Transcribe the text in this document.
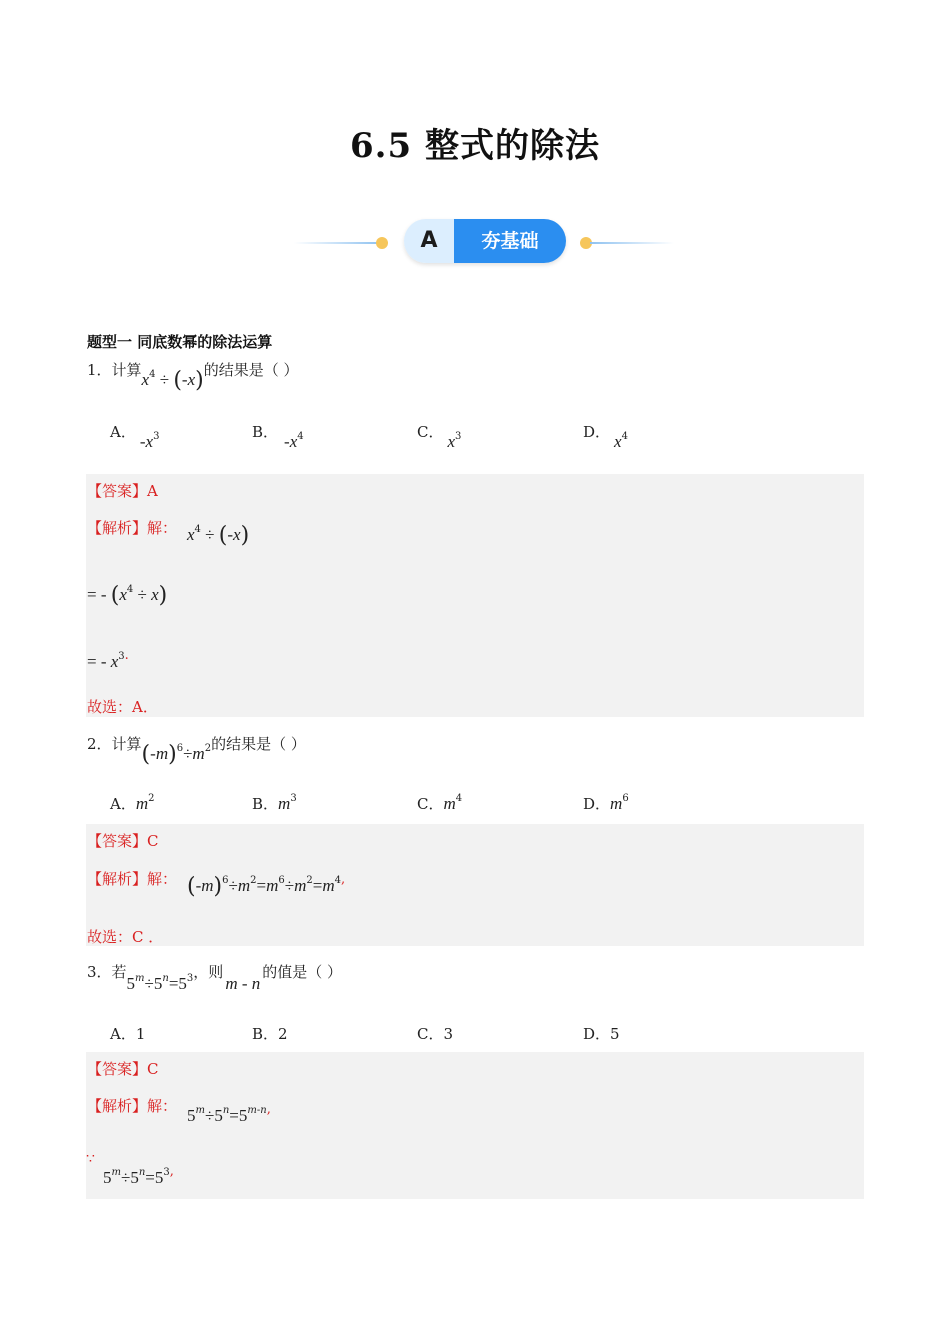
6.5 整式的除法
A	夯基础
题型一 同底数幂的除法运算
1．计算$x^4 \div (-x)$的结果是（ ）
A． $-x^3$	B． $-x^4$	C． $x^3$	D． $x^4$
【答案】A
【解析】解： $x^4 \div (-x)$
= - $(x^4 \div x)$
= - $x^{3.}$
故选：A．
2．计算$(-m)^6\div m^2$的结果是（ ）
A．$m^2$	B．$m^3$	C．$m^4$	D．$m^6$
【答案】C
【解析】解： $(-m)^6\div m^2=m^6\div m^2=m^{4,}$
故选：C ．
3．若$5^m\div 5^n=5^3$，则m - n的值是（ ）
A．1	B．2	C．3	D．5
【答案】C
【解析】解： $5^m\div 5^n=5^{m-n,}$
∵
$5^m\div 5^n=5^{3,}$
